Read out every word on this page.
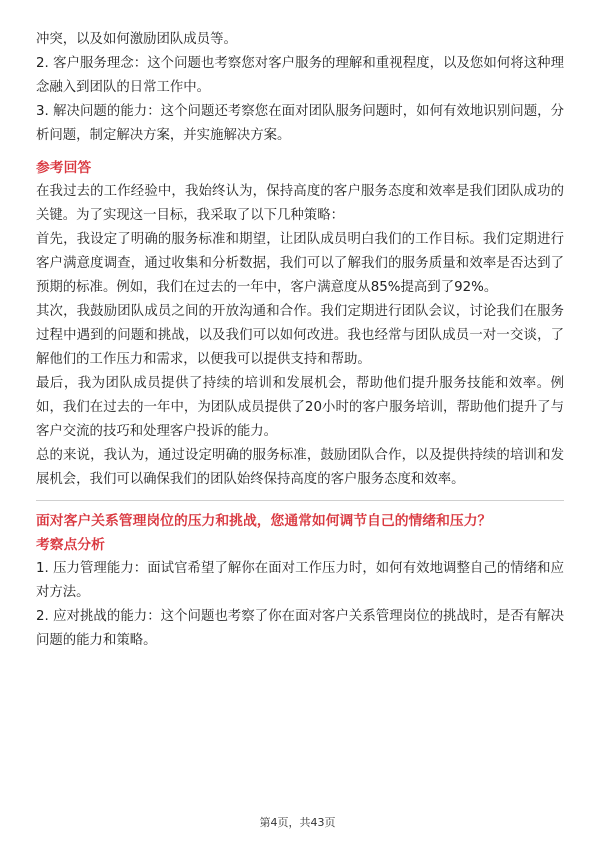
冲突，以及如何激励团队成员等。

2. 客户服务理念：这个问题也考察您对客户服务的理解和重视程度，以及您如何将这种理念融入到团队的日常工作中。

3. 解决问题的能力：这个问题还考察您在面对团队服务问题时，如何有效地识别问题，分析问题，制定解决方案，并实施解决方案。

参考回答

在我过去的工作经验中，我始终认为，保持高度的客户服务态度和效率是我们团队成功的关键。为了实现这一目标，我采取了以下几种策略：

首先，我设定了明确的服务标准和期望，让团队成员明白我们的工作目标。我们定期进行客户满意度调查，通过收集和分析数据，我们可以了解我们的服务质量和效率是否达到了预期的标准。例如，我们在过去的一年中，客户满意度从85%提高到了92%。

其次，我鼓励团队成员之间的开放沟通和合作。我们定期进行团队会议，讨论我们在服务过程中遇到的问题和挑战，以及我们可以如何改进。我也经常与团队成员一对一交谈，了解他们的工作压力和需求，以便我可以提供支持和帮助。

最后，我为团队成员提供了持续的培训和发展机会，帮助他们提升服务技能和效率。例如，我们在过去的一年中，为团队成员提供了20小时的客户服务培训，帮助他们提升了与客户交流的技巧和处理客户投诉的能力。

总的来说，我认为，通过设定明确的服务标准，鼓励团队合作，以及提供持续的培训和发展机会，我们可以确保我们的团队始终保持高度的客户服务态度和效率。

面对客户关系管理岗位的压力和挑战，您通常如何调节自己的情绪和压力？

考察点分析

1. 压力管理能力：面试官希望了解你在面对工作压力时，如何有效地调整自己的情绪和应对方法。

2. 应对挑战的能力：这个问题也考察了你在面对客户关系管理岗位的挑战时，是否有解决问题的能力和策略。

第4页，共43页
